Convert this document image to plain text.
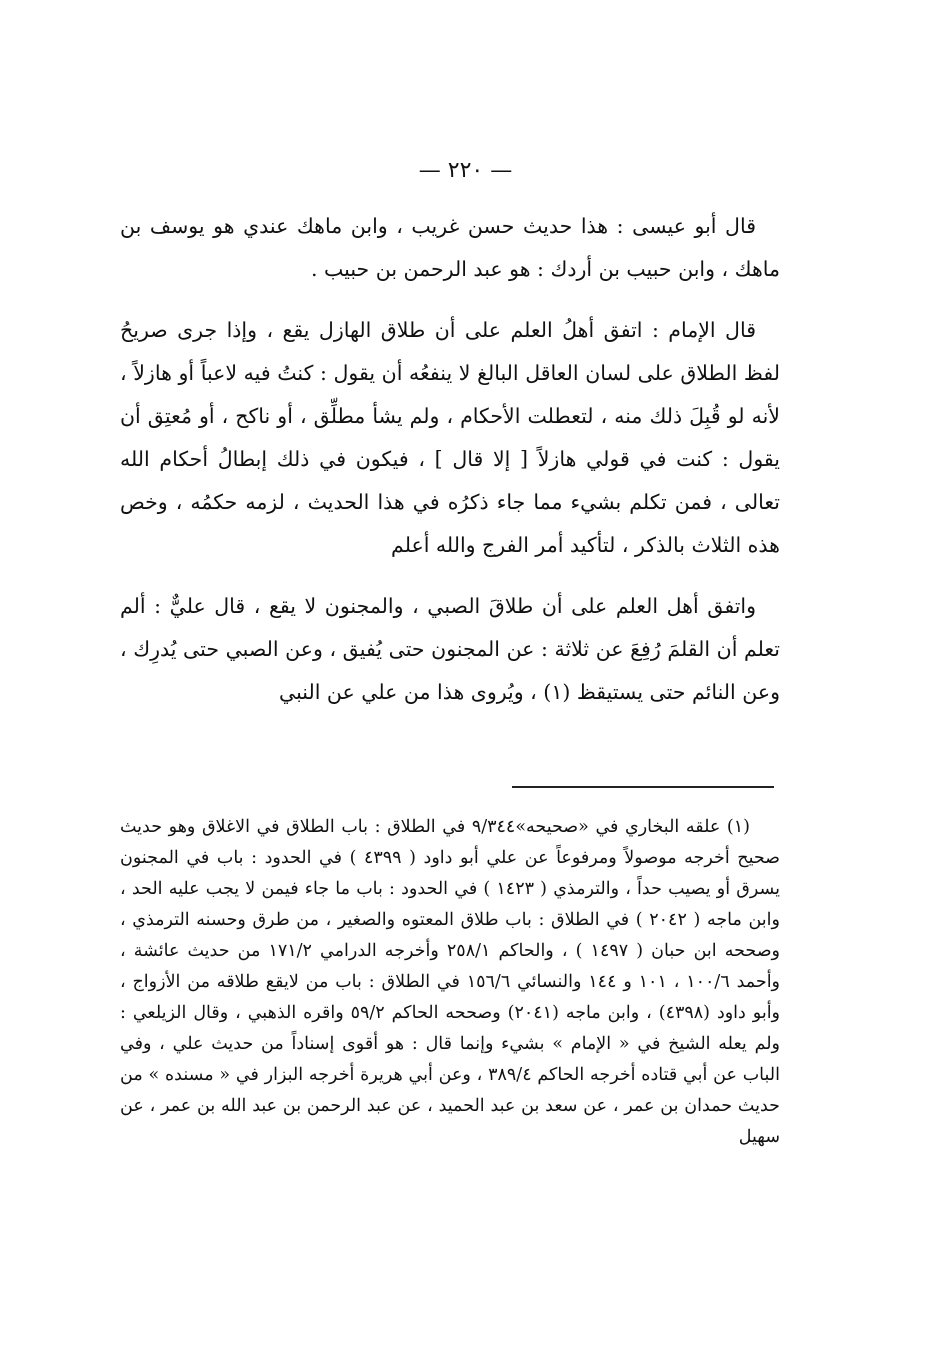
— ٢٢٠ —

قال أبو عيسى : هذا حديث حسن غريب ، وابن ماهك عندي هو يوسف بن ماهك ، وابن حبيب بن أردك : هو عبد الرحمن بن حبيب .

قال الإمام : اتفق أهلُ العلم على أن طلاق الهازل يقع ، وإذا جرى صريحُ لفظ الطلاق على لسان العاقل البالغ لا ينفعُه أن يقول : كنتُ فيه لاعباً أو هازلاً ، لأنه لو قُبِلَ ذلك منه ، لتعطلت الأحكام ، ولم يشأ مطلِّق ، أو ناكح ، أو مُعتِق أن يقول : كنت في قولي هازلاً [ إلا قال ] ، فيكون في ذلك إبطالُ أحكام الله تعالى ، فمن تكلم بشيء مما جاء ذكرُه في هذا الحديث ، لزمه حكمُه ، وخص هذه الثلاث بالذكر ، لتأكيد أمر الفرج والله أعلم

واتفق أهل العلم على أن طلاقَ الصبي ، والمجنون لا يقع ، قال عليٌّ : ألم تعلم أن القلمَ رُفِعَ عن ثلاثة : عن المجنون حتى يُفيق ، وعن الصبي حتى يُدرِك ، وعن النائم حتى يستيقظ (١) ، ويُروى هذا من علي عن النبي

(١) علقه البخاري في «صحيحه»٩/٣٤٤ في الطلاق : باب الطلاق في الاغلاق وهو حديث صحيح أخرجه موصولاً ومرفوعاً عن علي أبو داود ( ٤٣٩٩ ) في الحدود : باب في المجنون يسرق أو يصيب حداً ، والترمذي ( ١٤٢٣ ) في الحدود : باب ما جاء فيمن لا يجب عليه الحد ، وابن ماجه ( ٢٠٤٢ ) في الطلاق : باب طلاق المعتوه والصغير ، من طرق وحسنه الترمذي ، وصححه ابن حبان ( ١٤٩٧ ) ، والحاكم ٢٥٨/١ وأخرجه الدرامي ١٧١/٢ من حديث عائشة ، وأحمد ١٠٠/٦ ، ١٠١ و ١٤٤ والنسائي ١٥٦/٦ في الطلاق : باب من لايقع طلاقه من الأزواج ، وأبو داود (٤٣٩٨) ، وابن ماجه (٢٠٤١) وصححه الحاكم ٥٩/٢ واقره الذهبي ، وقال الزيلعي : ولم يعله الشيخ في « الإمام » بشيء وإنما قال : هو أقوى إسناداً من حديث علي ، وفي الباب عن أبي قتاده أخرجه الحاكم ٣٨٩/٤ ، وعن أبي هريرة أخرجه البزار في « مسنده » من حديث حمدان بن عمر ، عن سعد بن عبد الحميد ، عن عبد الرحمن بن عبد الله بن عمر ، عن سهيل
